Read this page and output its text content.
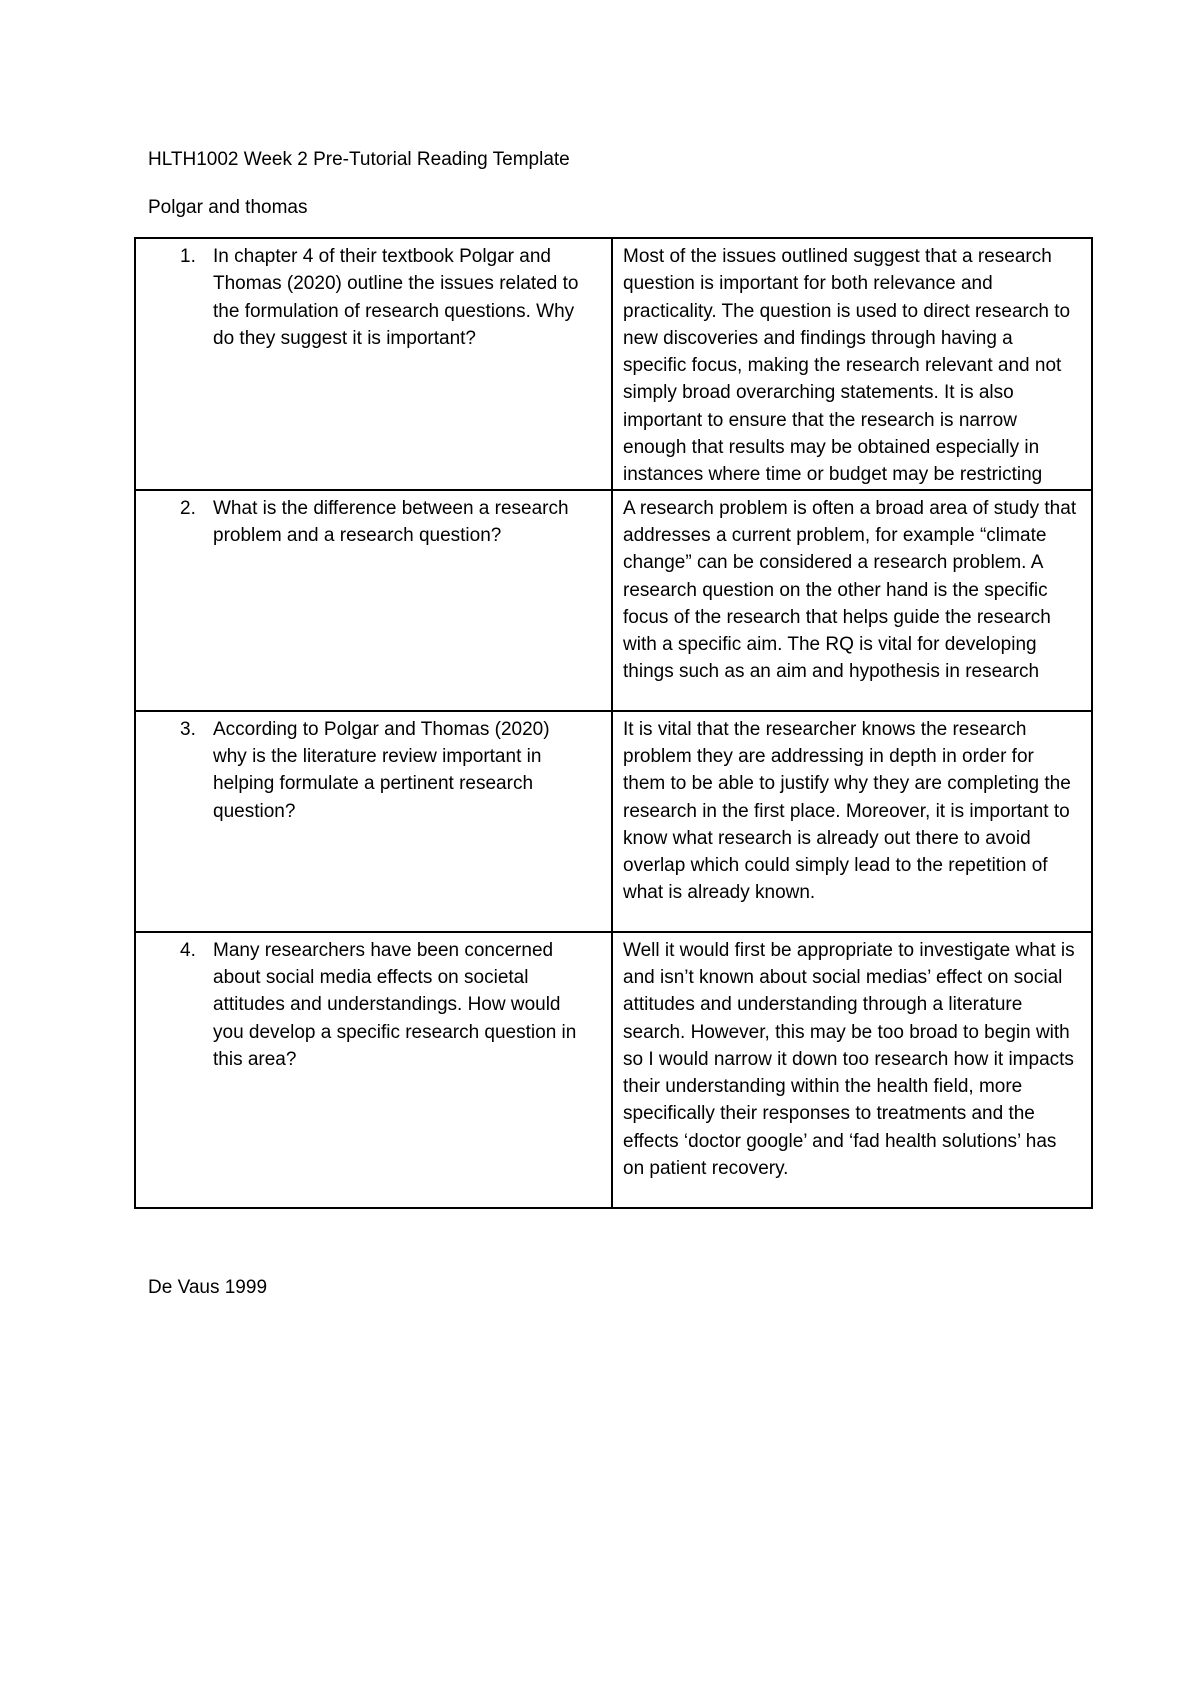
HLTH1002 Week 2 Pre-Tutorial Reading Template

Polgar and thomas

1. In chapter 4 of their textbook Polgar and Thomas (2020) outline the issues related to the formulation of research questions. Why do they suggest it is important?	Most of the issues outlined suggest that a research question is important for both relevance and practicality. The question is used to direct research to new discoveries and findings through having a specific focus, making the research relevant and not simply broad overarching statements. It is also important to ensure that the research is narrow enough that results may be obtained especially in instances where time or budget may be restricting

2. What is the difference between a research problem and a research question?	A research problem is often a broad area of study that addresses a current problem, for example “climate change” can be considered a research problem. A research question on the other hand is the specific focus of the research that helps guide the research with a specific aim. The RQ is vital for developing things such as an aim and hypothesis in research

3. According to Polgar and Thomas (2020) why is the literature review important in helping formulate a pertinent research question?	It is vital that the researcher knows the research problem they are addressing in depth in order for them to be able to justify why they are completing the research in the first place. Moreover, it is important to know what research is already out there to avoid overlap which could simply lead to the repetition of what is already known.

4. Many researchers have been concerned about social media effects on societal attitudes and understandings. How would you develop a specific research question in this area?	Well it would first be appropriate to investigate what is and isn’t known about social medias’ effect on social attitudes and understanding through a literature search. However, this may be too broad to begin with so I would narrow it down too research how it impacts their understanding within the health field, more specifically their responses to treatments and the effects ‘doctor google’ and ‘fad health solutions’ has on patient recovery.

De Vaus 1999
